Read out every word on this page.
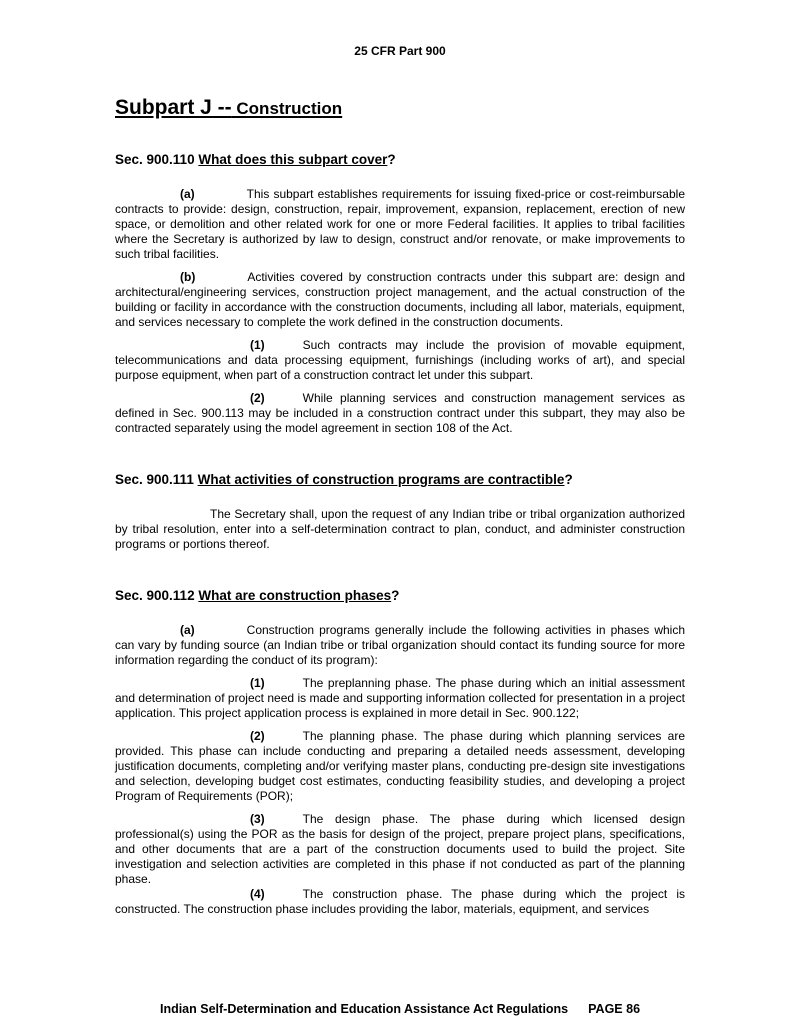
25 CFR Part 900
Subpart J -- Construction
Sec. 900.110 What does this subpart cover?

(a)	This subpart establishes requirements for issuing fixed-price or cost-reimbursable contracts to provide: design, construction, repair, improvement, expansion, replacement, erection of new space, or demolition and other related work for one or more Federal facilities. It applies to tribal facilities where the Secretary is authorized by law to design, construct and/or renovate, or make improvements to such tribal facilities.

(b)	Activities covered by construction contracts under this subpart are: design and architectural/engineering services, construction project management, and the actual construction of the building or facility in accordance with the construction documents, including all labor, materials, equipment, and services necessary to complete the work defined in the construction documents.

(1)	Such contracts may include the provision of movable equipment, telecommunications and data processing equipment, furnishings (including works of art), and special purpose equipment, when part of a construction contract let under this subpart.

(2)	While planning services and construction management services as defined in Sec. 900.113 may be included in a construction contract under this subpart, they may also be contracted separately using the model agreement in section 108 of the Act.

Sec. 900.111 What activities of construction programs are contractible?

The Secretary shall, upon the request of any Indian tribe or tribal organization authorized by tribal resolution, enter into a self-determination contract to plan, conduct, and administer construction programs or portions thereof.

Sec. 900.112 What are construction phases?

(a)	Construction programs generally include the following activities in phases which can vary by funding source (an Indian tribe or tribal organization should contact its funding source for more information regarding the conduct of its program):

(1)	The preplanning phase. The phase during which an initial assessment and determination of project need is made and supporting information collected for presentation in a project application. This project application process is explained in more detail in Sec. 900.122;

(2)	The planning phase. The phase during which planning services are provided. This phase can include conducting and preparing a detailed needs assessment, developing justification documents, completing and/or verifying master plans, conducting pre-design site investigations and selection, developing budget cost estimates, conducting feasibility studies, and developing a project Program of Requirements (POR);

(3)	The design phase. The phase during which licensed design professional(s) using the POR as the basis for design of the project, prepare project plans, specifications, and other documents that are a part of the construction documents used to build the project. Site investigation and selection activities are completed in this phase if not conducted as part of the planning phase.

(4)	The construction phase. The phase during which the project is constructed. The construction phase includes providing the labor, materials, equipment, and services

Indian Self-Determination and Education Assistance Act Regulations PAGE 86
